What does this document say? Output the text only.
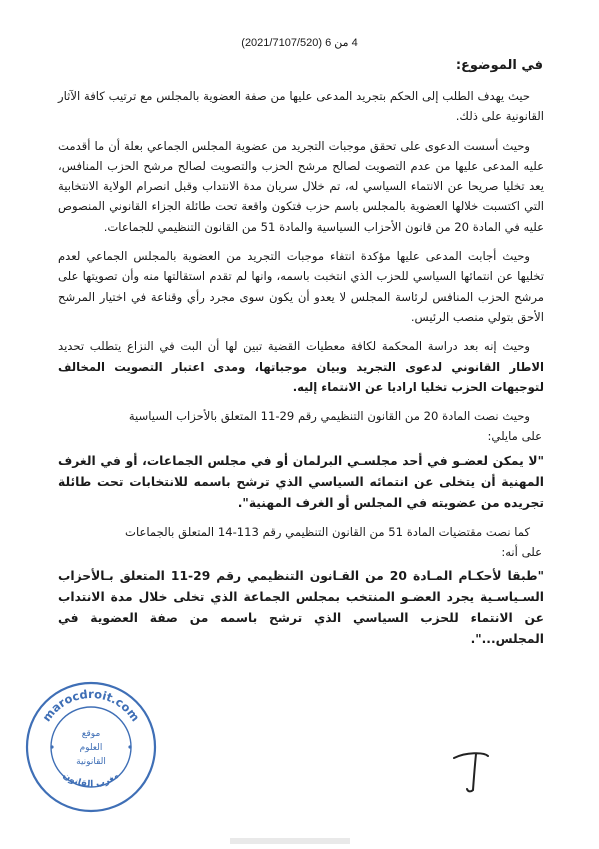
4 من 6 (2021/7107/520)
في الموضوع:

حيث يهدف الطلب إلى الحكم بتجريد المدعى عليها من صفة العضوية بالمجلس مع ترتيب كافة الآثار القانونية على ذلك.

وحيث أسست الدعوى على تحقق موجبات التجريد من عضوية المجلس الجماعي بعلة أن ما أقدمت عليه المدعى عليها من عدم التصويت لصالح مرشح الحزب والتصويت لصالح مرشح الحزب المنافس، يعد تخليا صريحا عن الانتماء السياسي له، تم خلال سريان مدة الانتداب وقبل انصرام الولاية الانتخابية التي اكتسبت خلالها العضوية بالمجلس باسم حزب فتكون واقعة تحت طائلة الجزاء القانوني المنصوص عليه في المادة 20 من قانون الأحزاب السياسية والمادة 51 من القانون التنظيمي للجماعات.

وحيث أجابت المدعى عليها مؤكدة انتفاء موجبات التجريد من العضوية بالمجلس الجماعي لعدم تخليها عن انتمائها السياسي للحزب الذي انتخبت باسمه، وانها لم تقدم استقالتها منه وأن تصويتها على مرشح الحزب المنافس لرئاسة المجلس لا يعدو أن يكون سوى مجرد رأي وقناعة في اختيار المرشح الأحق بتولي منصب الرئيس.

وحيث إنه بعد دراسة المحكمة لكافة معطيات القضية تبين لها أن البت في النزاع يتطلب تحديد الاطار القانوني لدعوى التجريد وبيان موجباتها، ومدى اعتبار التصويت المخالف لتوجيهات الحزب تخليا اراديا عن الانتماء إليه.

وحيث نصت المادة 20 من القانون التنظيمي رقم 29-11 المتعلق بالأحزاب السياسية

على مايلي:

"لا يمكن لعضـو في أحد مجلسـي البرلمان أو في مجلس الجماعات، أو في الغرف المهنية أن يتخلى عن انتمائه السياسي الذي ترشح باسمه للانتخابات تحت طائلة تجريده من عضويته في المجلس أو الغرف المهنية".

كما نصت مقتضيات المادة 51 من القانون التنظيمي رقم 113-14 المتعلق بالجماعات

على أنه:

"طبقا لأحكـام المـادة 20 من القـانون التنظيمي رقم 29-11 المتعلق بـالأحزاب السـياسـية يجرد العضـو المنتخب بمجلس الجماعة الذي تخلى خلال مدة الانتداب عن الانتماء للحزب السياسي الذي ترشح باسمه من صفة العضوية في المجلس...".

marocdroit.com
مغرب القانون
موقع
العلوم
القانونية
